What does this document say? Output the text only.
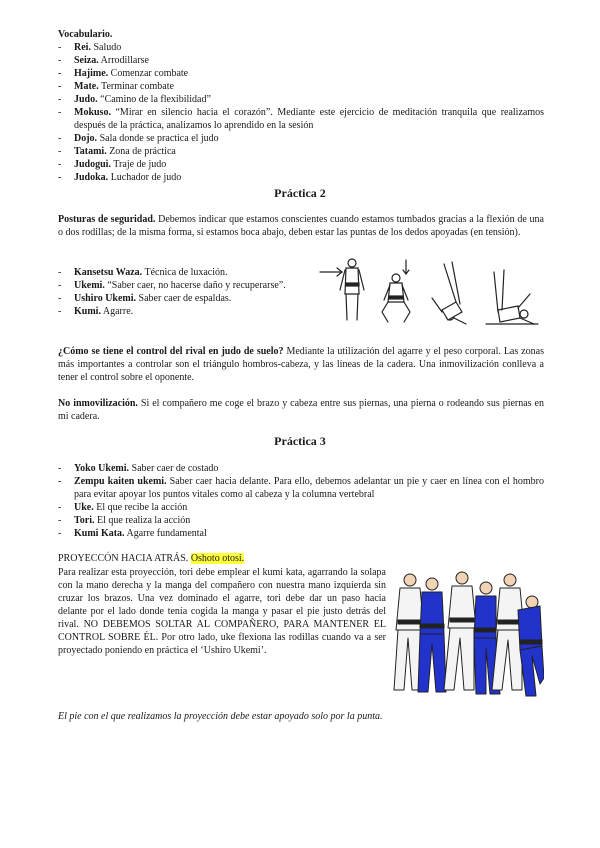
Vocabulario.

- Rei. Saludo
- Seiza. Arrodillarse
- Hajime. Comenzar combate
- Mate. Terminar combate
- Judo. “Camino de la flexibilidad”
- Mokuso. “Mirar en silencio hacia el corazón”. Mediante este ejercicio de meditación tranquila que realizamos después de la práctica, analizamos lo aprendido en la sesión
- Dojo. Sala donde se practica el judo
- Tatami. Zona de práctica
- Judogui. Traje de judo
- Judoka. Luchador de judo

Práctica 2

Posturas de seguridad. Debemos indicar que estamos conscientes cuando estamos tumbados gracias a la flexión de una o dos rodillas; de la misma forma, si estamos boca abajo, deben estar las puntas de los dedos apoyadas (en tensión).

- Kansetsu Waza. Técnica de luxación.
- Ukemi. “Saber caer, no hacerse daño y recuperarse”.
- Ushiro Ukemi. Saber caer de espaldas.
- Kumi. Agarre.

¿Cómo se tiene el control del rival en judo de suelo? Mediante la utilización del agarre y el peso corporal. Las zonas más importantes a controlar son el triángulo hombros-cabeza, y las líneas de la cadera. Una inmovilización conlleva a tener el control sobre el oponente.

No inmovilización. Si el compañero me coge el brazo y cabeza entre sus piernas, una pierna o rodeando sus piernas en mi cadera.

Práctica 3

- Yoko Ukemi. Saber caer de costado
- Zempu kaiten ukemi. Saber caer hacia delante. Para ello, debemos adelantar un pie y caer en línea con el hombro para evitar apoyar los puntos vitales como al cabeza y la columna vertebral
- Uke. El que recibe la acción
- Tori. El que realiza la acción
- Kumi Kata. Agarre fundamental

PROYECCÓN HACIA ATRÁS. Oshoto otosi.

Para realizar esta proyección, tori debe emplear el kumi kata, agarrando la solapa con la mano derecha y la manga del compañero con nuestra mano izquierda sin cruzar los brazos. Una vez dominado el agarre, tori debe dar un paso hacia delante por el lado donde tenía cogida la manga y pasar el pie justo detrás del rival. NO DEBEMOS SOLTAR AL COMPAÑERO, PARA MANTENER EL CONTROL SOBRE ÉL. Por otro lado, uke flexiona las rodillas cuando va a ser proyectado poniendo en práctica el ‘Ushiro Ukemi’.

El pie con el que realizamos la proyección debe estar apoyado solo por la punta.
